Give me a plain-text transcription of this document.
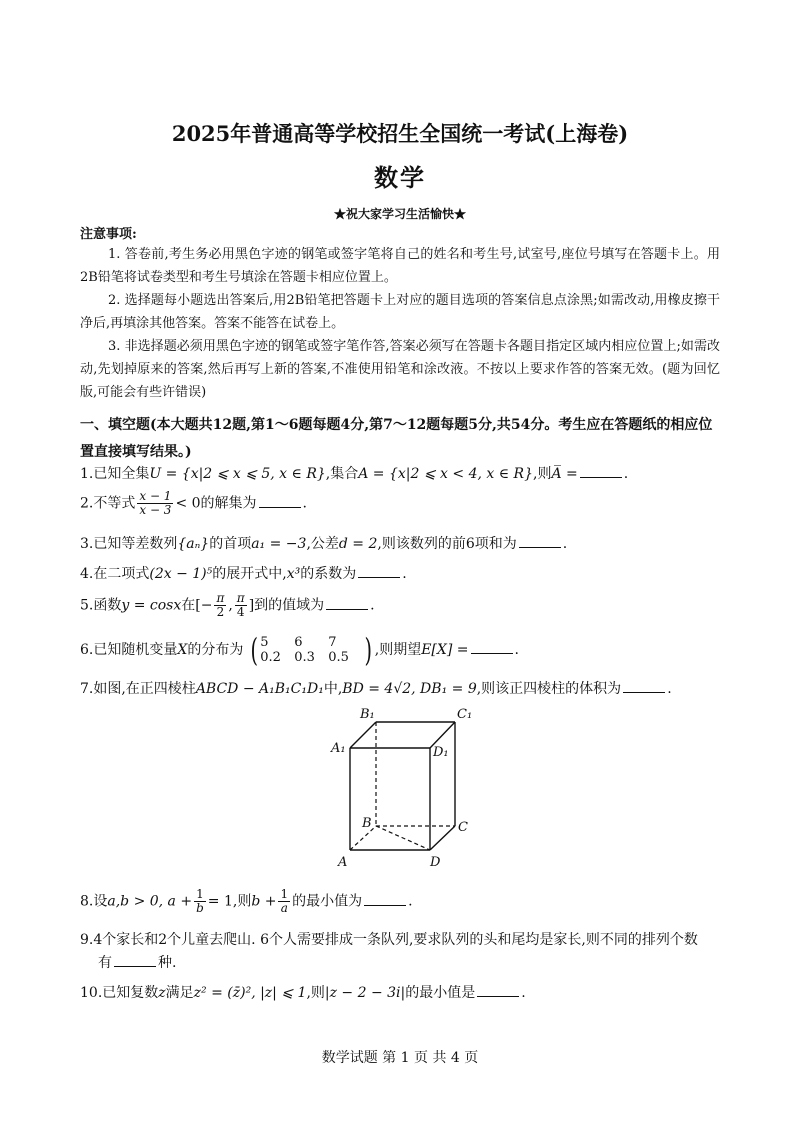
2025年普通高等学校招生全国统一考试(上海卷)
数学
★祝大家学习生活愉快★
注意事项:
1. 答卷前,考生务必用黑色字迹的钢笔或签字笔将自己的姓名和考生号,试室号,座位号填写在答题卡上。用2B铅笔将试卷类型和考生号填涂在答题卡相应位置上。
2. 选择题每小题选出答案后,用2B铅笔把答题卡上对应的题目选项的答案信息点涂黑;如需改动,用橡皮擦干净后,再填涂其他答案。答案不能答在试卷上。
3. 非选择题必须用黑色字迹的钢笔或签字笔作答,答案必须写在答题卡各题目指定区域内相应位置上;如需改动,先划掉原来的答案,然后再写上新的答案,不准使用铅笔和涂改液。不按以上要求作答的答案无效。(题为回忆版,可能会有些许错误)
一、填空题(本大题共12题,第1～6题每题4分,第7～12题每题5分,共54分。考生应在答题纸的相应位置直接填写结果。)
1.已知全集U = {x|2 ⩽ x ⩽ 5, x ∈ R},集合A = {x|2 ⩽ x < 4, x ∈ R},则A̅ =	.
2.不等式 $\frac{x - 1}{x - 3} < 0$的解集为	.
3.已知等差数列{aₙ}的首项a₁ = −3,公差d = 2,则该数列的前6项和为	.
4.在二项式(2x − 1)⁵的展开式中,x³的系数为	.
5.函数y = cosx在[− $\frac{\pi}{2}$ , $\frac{\pi}{4}$ ]到的值域为	.
6.已知随机变量X的分布为 ( 5	6	7
0.2	0.3	0.5 ) ,则期望E[X] =	.
7.如图,在正四棱柱ABCD − A₁B₁C₁D₁中,BD = 4√2, DB₁ = 9,则该正四棱柱的体积为	.
B₁	C₁
A₁	D₁
B	C
A	D
8.设a,b > 0, $a + \frac{1}{b} = 1$,则$b + \frac{1}{a}$ 的最小值为	.
9.4个家长和2个儿童去爬山. 6个人需要排成一条队列,要求队列的头和尾均是家长,则不同的排列个数
有	种.
10.已知复数z满足z² = (z̄)², |z| ⩽ 1,则|z − 2 − 3i|的最小值是	.
数学试题 第 1 页 共 4 页
